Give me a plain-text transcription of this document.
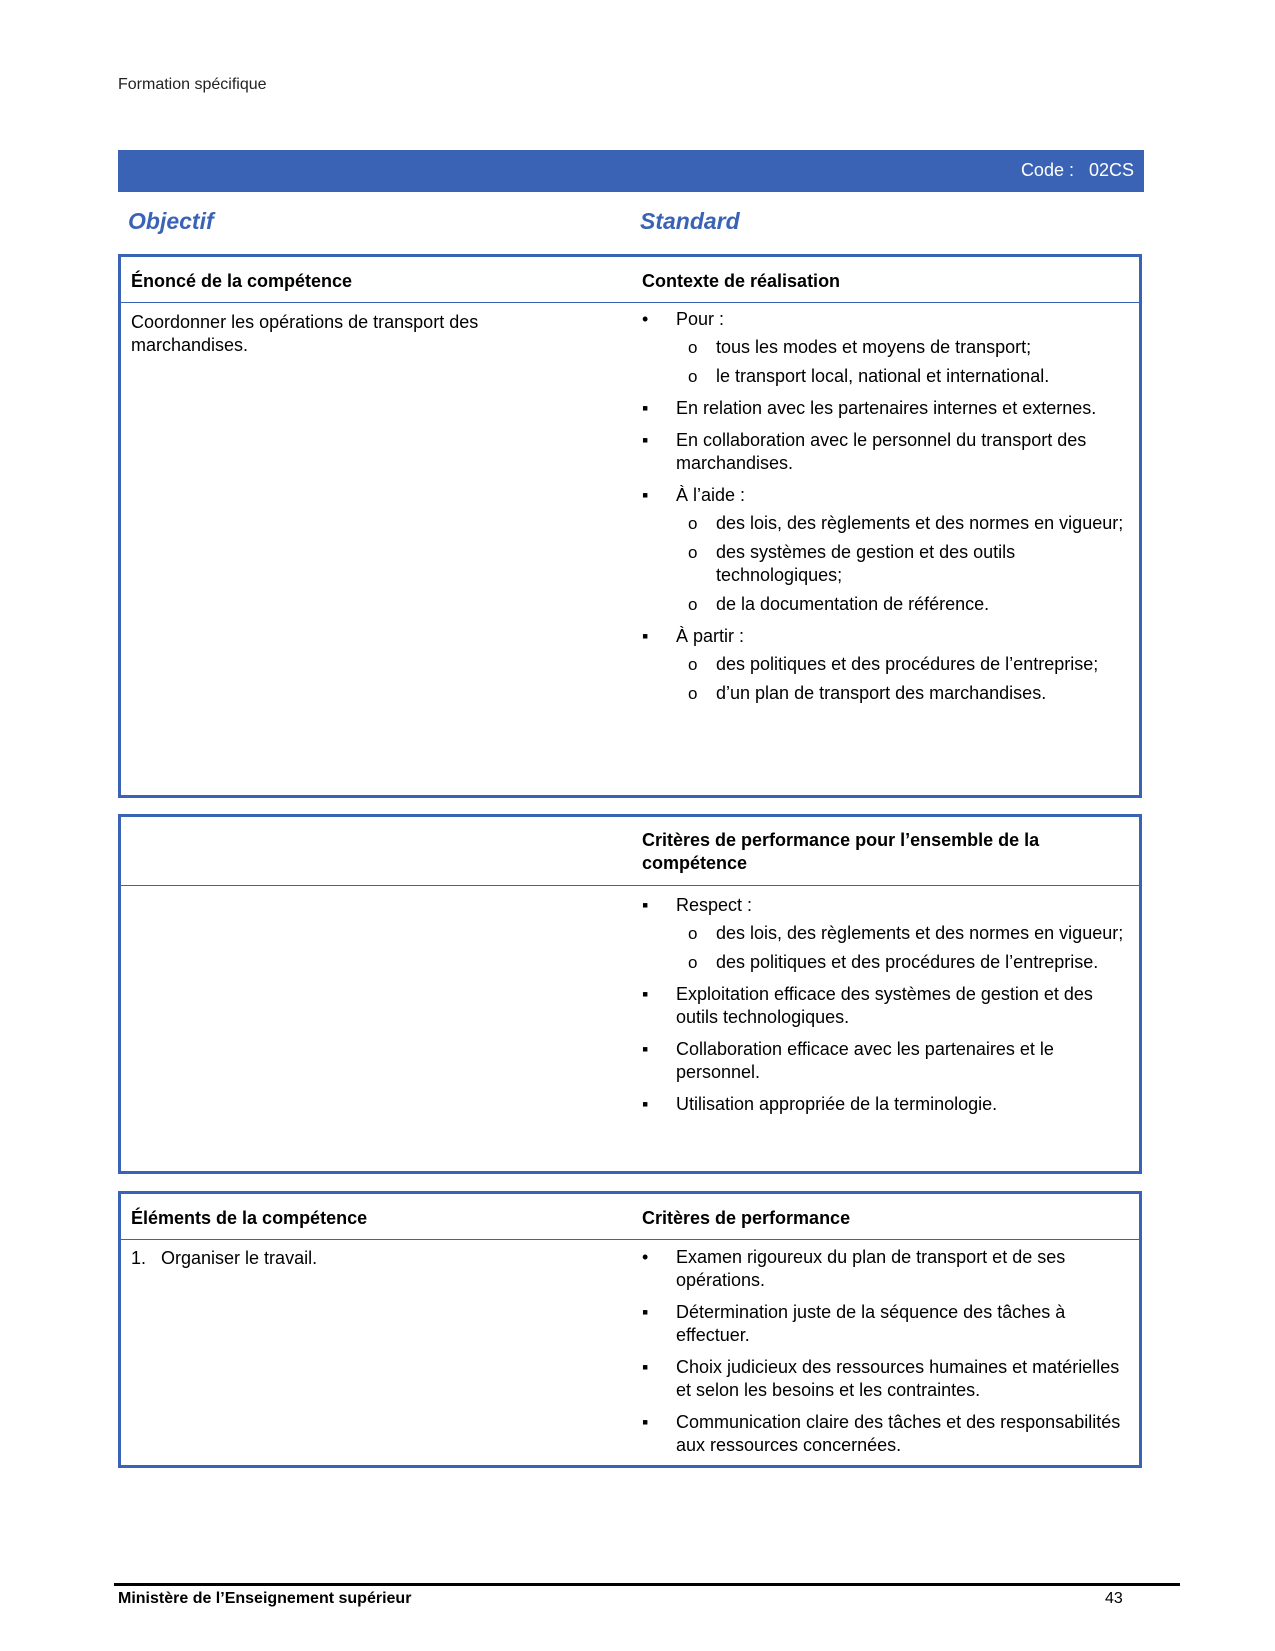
Formation spécifique
Code :   02CS
Objectif	Standard
Énoncé de la compétence	Contexte de réalisation
Coordonner les opérations de transport des marchandises.
• Pour :
o tous les modes et moyens de transport;
o le transport local, national et international.
▪ En relation avec les partenaires internes et externes.
▪ En collaboration avec le personnel du transport des marchandises.
▪ À l’aide :
o des lois, des règlements et des normes en vigueur;
o des systèmes de gestion et des outils technologiques;
o de la documentation de référence.
▪ À partir :
o des politiques et des procédures de l’entreprise;
o d’un plan de transport des marchandises.
Critères de performance pour l’ensemble de la compétence
▪ Respect :
o des lois, des règlements et des normes en vigueur;
o des politiques et des procédures de l’entreprise.
▪ Exploitation efficace des systèmes de gestion et des outils technologiques.
▪ Collaboration efficace avec les partenaires et le personnel.
▪ Utilisation appropriée de la terminologie.
Éléments de la compétence	Critères de performance
1.   Organiser le travail.
•	Examen rigoureux du plan de transport et de ses opérations.
▪ Détermination juste de la séquence des tâches à effectuer.
▪ Choix judicieux des ressources humaines et matérielles et selon les besoins et les contraintes.
▪ Communication claire des tâches et des responsabilités aux ressources concernées.
Ministère de l’Enseignement supérieur	43
